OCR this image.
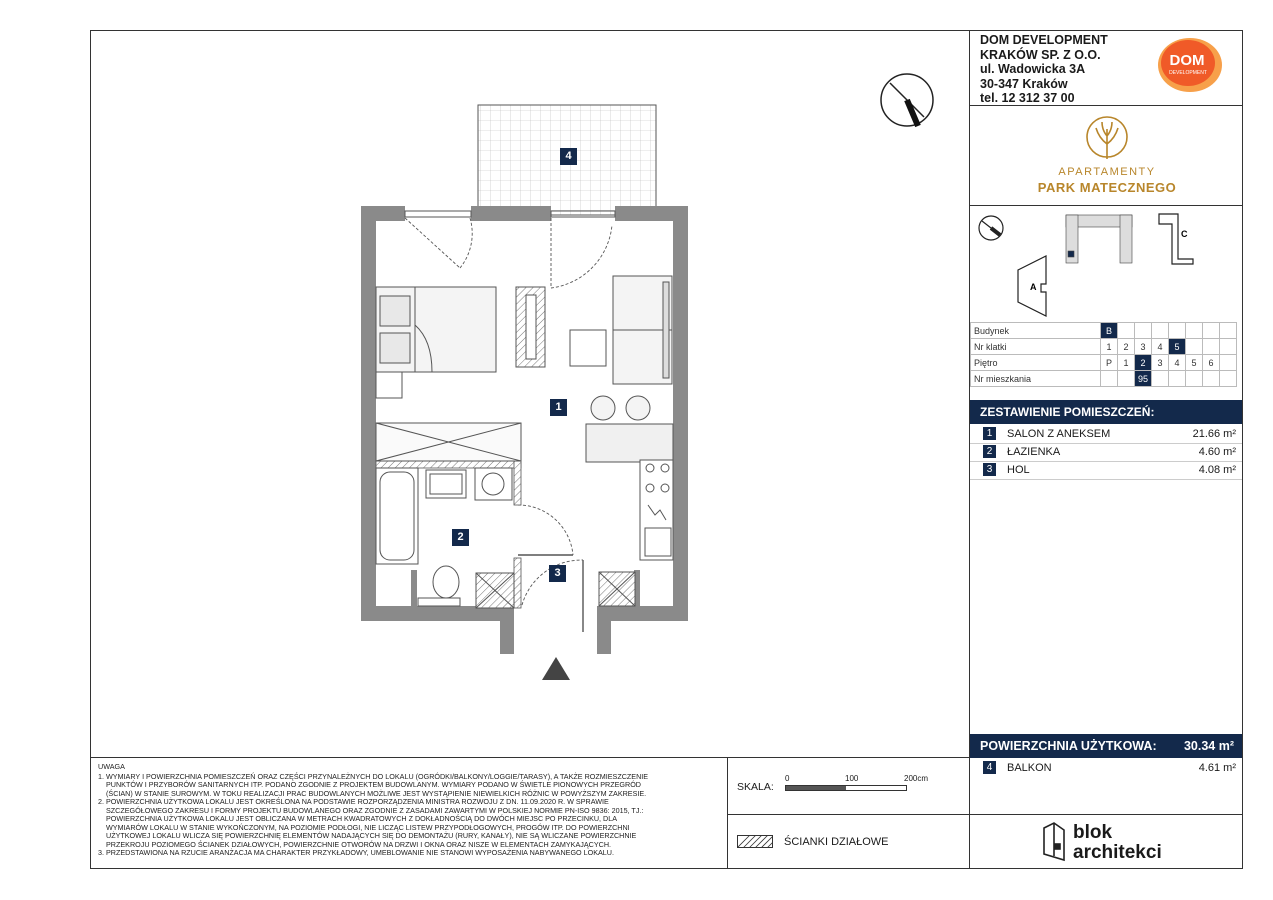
DOM DEVELOPMENT
KRAKÓW SP. Z O.O.
ul. Wadowicka 3A
30-347 Kraków
tel. 12 312 37 00
DOM
DEVELOPMENT
APARTAMENTY
PARK MATECZNEGO
C
A
Budynek	B							
Nr klatki	1	2	3	4	5			
Piętro	P	1	2	3	4	5	6	
Nr mieszkania			95					
ZESTAWIENIE POMIESZCZEŃ:
1	SALON Z ANEKSEM	21.66 m²
2	ŁAZIENKA	4.60 m²
3	HOL	4.08 m²
POWIERZCHNIA UŻYTKOWA: 30.34 m²
4	BALKON	4.61 m²
blok
architekci
UWAGA
1. WYMIARY I POWIERZCHNIA POMIESZCZEŃ ORAZ CZĘŚCI PRZYNALEŻNYCH DO LOKALU (OGRÓDKI/BALKONY/LOGGIE/TARASY), A TAKŻE ROZMIESZCZENIE
PUNKTÓW I PRZYBORÓW SANITARNYCH ITP. PODANO ZGODNIE Z PROJEKTEM BUDOWLANYM. WYMIARY PODANO W ŚWIETLE PIONOWYCH PRZEGRÓD
(ŚCIAN) W STANIE SUROWYM. W TOKU REALIZACJI PRAC BUDOWLANYCH MOŻLIWE JEST WYSTĄPIENIE NIEWIELKICH RÓŻNIC W POWYŻSZYM ZAKRESIE.
2. POWIERZCHNIA UŻYTKOWA LOKALU JEST OKREŚLONA NA PODSTAWIE ROZPORZĄDZENIA MINISTRA ROZWOJU Z DN. 11.09.2020 R. W SPRAWIE
SZCZEGÓŁOWEGO ZAKRESU I FORMY PROJEKTU BUDOWLANEGO ORAZ ZGODNIE Z ZASADAMI ZAWARTYMI W POLSKIEJ NORMIE PN-ISO 9836: 2015, TJ.:
POWIERZCHNIA UŻYTKOWA LOKALU JEST OBLICZANA W METRACH KWADRATOWYCH Z DOKŁADNOŚCIĄ DO DWÓCH MIEJSC PO PRZECINKU, DLA
WYMIARÓW LOKALU W STANIE WYKOŃCZONYM, NA POZIOMIE PODŁOGI, NIE LICZĄC LISTEW PRZYPODŁOGOWYCH, PROGÓW ITP. DO POWIERZCHNI
UŻYTKOWEJ LOKALU WLICZA SIĘ POWIERZCHNIĘ ELEMENTÓW NADAJĄCYCH SIĘ DO DEMONTAŻU (RURY, KANAŁY), NIE SĄ WLICZANE POWIERZCHNIE
PRZEKROJU POZIOMEGO ŚCIANEK DZIAŁOWYCH, POWIERZCHNIE OTWORÓW NA DRZWI I OKNA ORAZ NISZE W ELEMENTACH ZAMYKAJĄCYCH.
3. PRZEDSTAWIONA NA RZUCIE ARANŻACJA MA CHARAKTER PRZYKŁADOWY, UMEBLOWANIE NIE STANOWI WYPOSAŻENIA NABYWANEGO LOKALU.
SKALA:
0	100	200cm
ŚCIANKI DZIAŁOWE
4
1
2
3
